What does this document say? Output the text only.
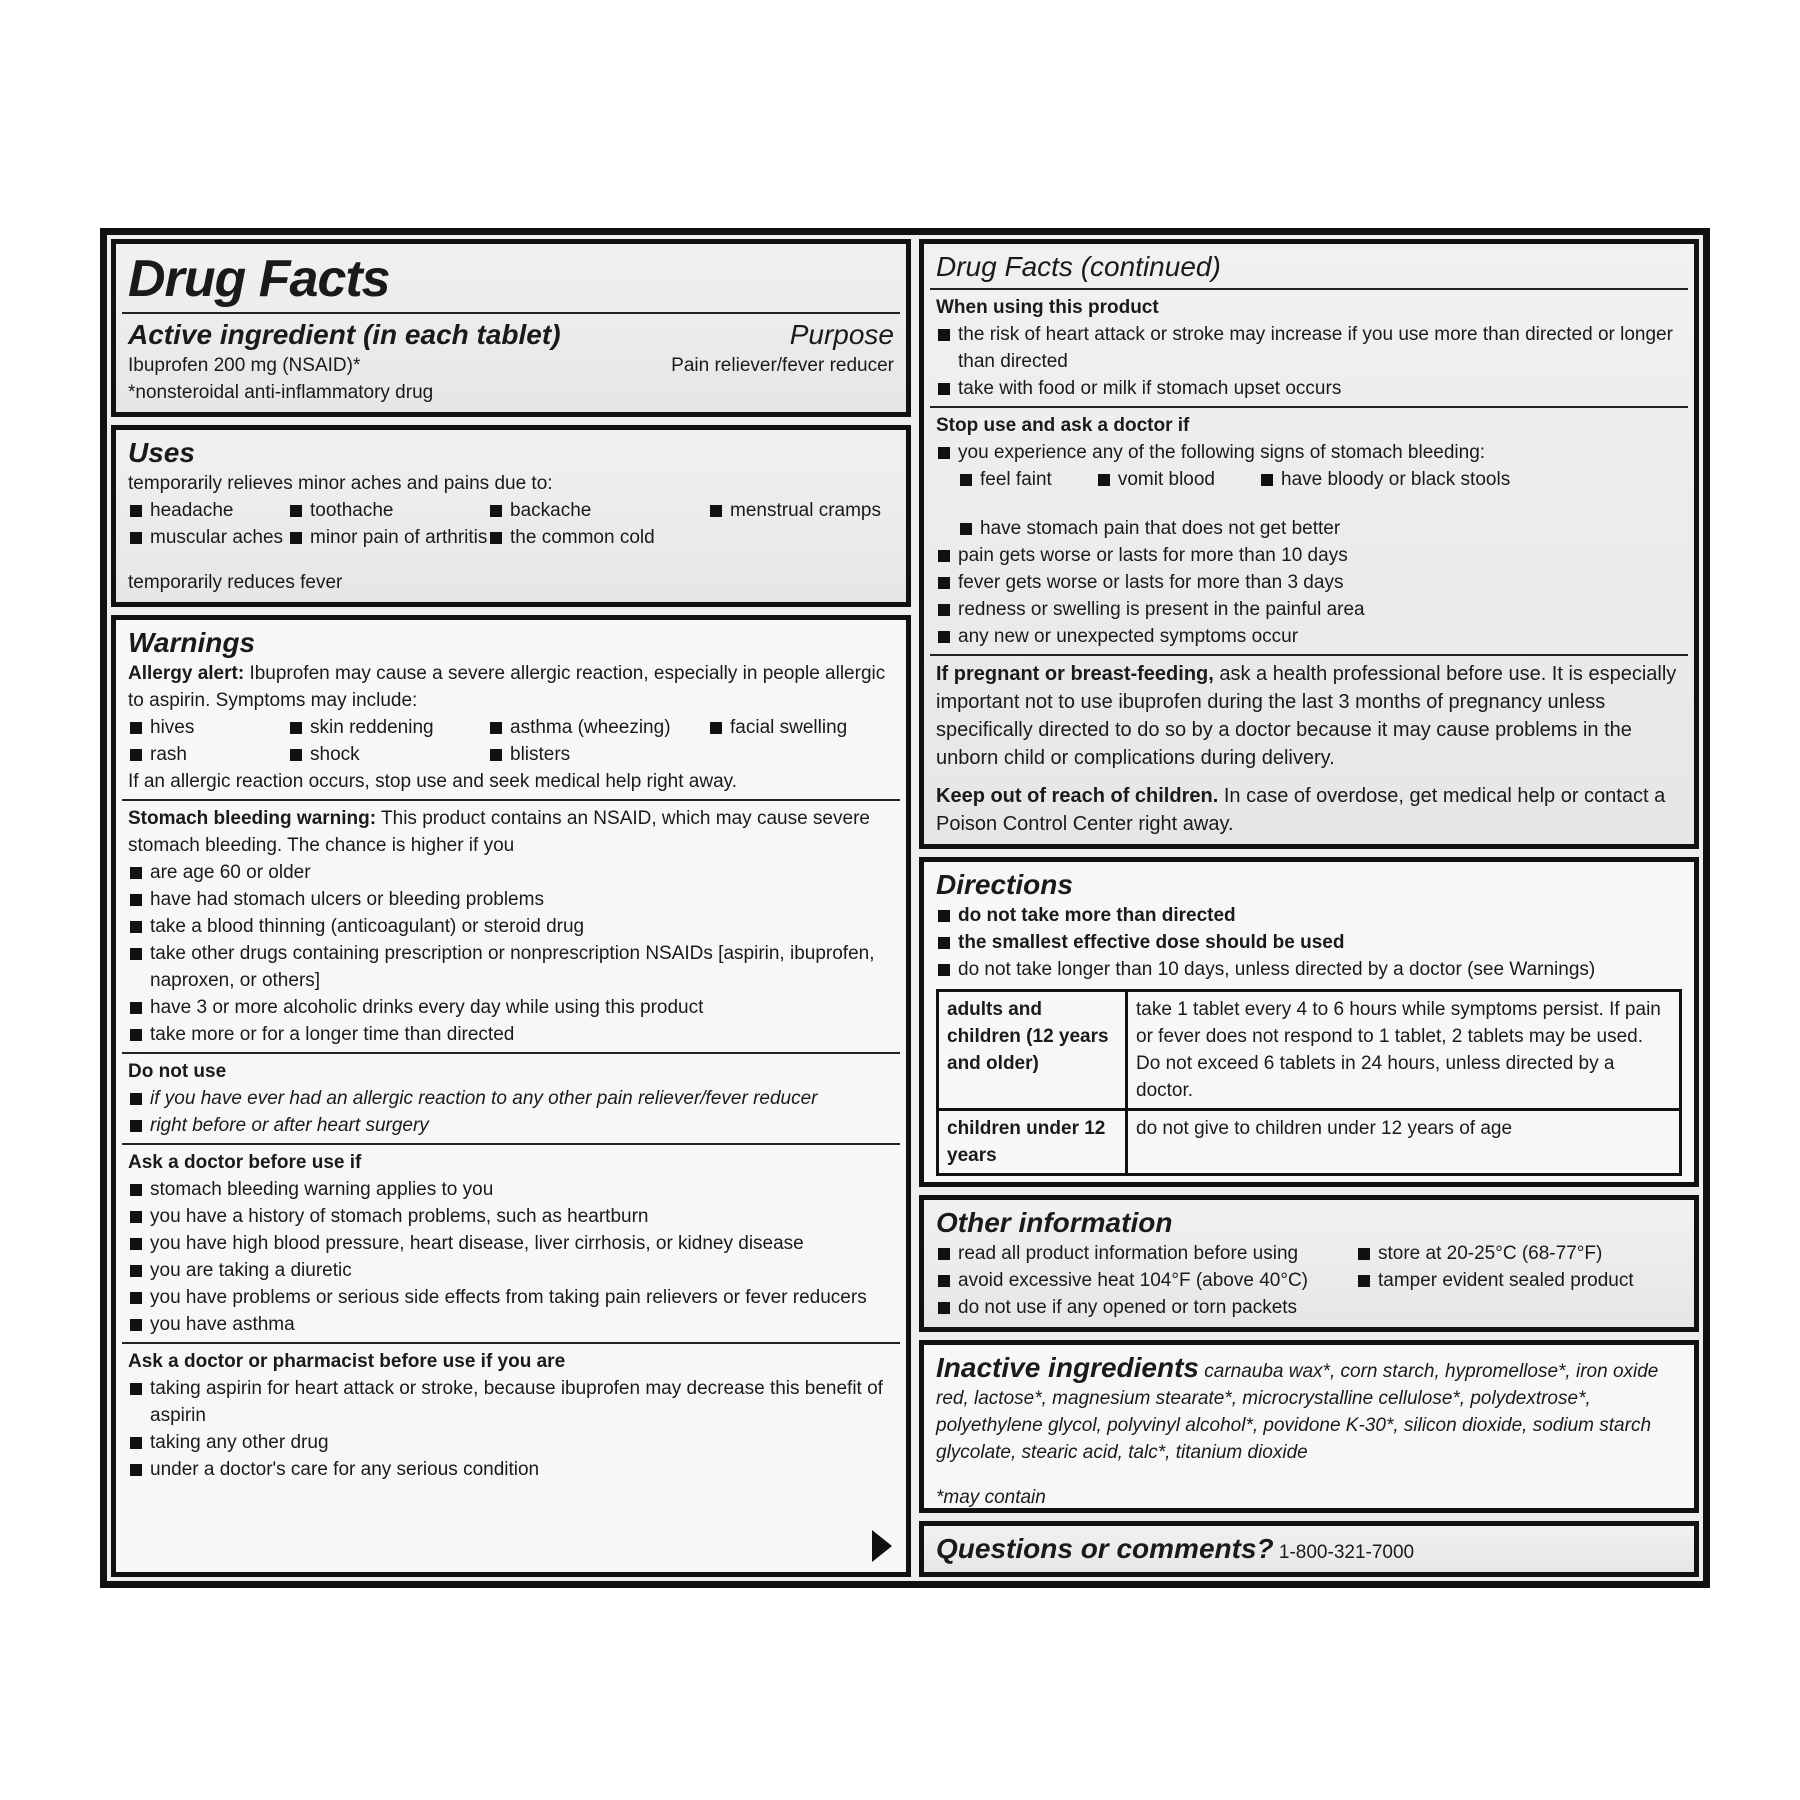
Drug Facts
Active ingredient (in each tablet)	Purpose
Ibuprofen 200 mg (NSAID)*	Pain reliever/fever reducer
*nonsteroidal anti-inflammatory drug
Uses
temporarily relieves minor aches and pains due to:
headache	toothache	backache	menstrual cramps
muscular aches	minor pain of arthritis	the common cold
temporarily reduces fever
Warnings
Allergy alert: Ibuprofen may cause a severe allergic reaction, especially in people allergic to aspirin. Symptoms may include:
hives	skin reddening	asthma (wheezing)	facial swelling
rash	shock	blisters
If an allergic reaction occurs, stop use and seek medical help right away.
Stomach bleeding warning: This product contains an NSAID, which may cause severe stomach bleeding. The chance is higher if you
are age 60 or older
have had stomach ulcers or bleeding problems
take a blood thinning (anticoagulant) or steroid drug
take other drugs containing prescription or nonprescription NSAIDs [aspirin, ibuprofen, naproxen, or others]
have 3 or more alcoholic drinks every day while using this product
take more or for a longer time than directed
Do not use
if you have ever had an allergic reaction to any other pain reliever/fever reducer
right before or after heart surgery
Ask a doctor before use if
stomach bleeding warning applies to you
you have a history of stomach problems, such as heartburn
you have high blood pressure, heart disease, liver cirrhosis, or kidney disease
you are taking a diuretic
you have problems or serious side effects from taking pain relievers or fever reducers
you have asthma
Ask a doctor or pharmacist before use if you are
taking aspirin for heart attack or stroke, because ibuprofen may decrease this benefit of aspirin
taking any other drug
under a doctor's care for any serious condition
Drug Facts (continued)
When using this product
the risk of heart attack or stroke may increase if you use more than directed or longer than directed
take with food or milk if stomach upset occurs
Stop use and ask a doctor if
you experience any of the following signs of stomach bleeding:
feel faint	vomit blood	have bloody or black stools
have stomach pain that does not get better
pain gets worse or lasts for more than 10 days
fever gets worse or lasts for more than 3 days
redness or swelling is present in the painful area
any new or unexpected symptoms occur
If pregnant or breast-feeding, ask a health professional before use. It is especially important not to use ibuprofen during the last 3 months of pregnancy unless specifically directed to do so by a doctor because it may cause problems in the unborn child or complications during delivery.
Keep out of reach of children. In case of overdose, get medical help or contact a Poison Control Center right away.
Directions
do not take more than directed
the smallest effective dose should be used
do not take longer than 10 days, unless directed by a doctor (see Warnings)
adults and children (12 years and older)	take 1 tablet every 4 to 6 hours while symptoms persist. If pain or fever does not respond to 1 tablet, 2 tablets may be used. Do not exceed 6 tablets in 24 hours, unless directed by a doctor.
children under 12 years	do not give to children under 12 years of age
Other information
read all product information before using	store at 20-25°C (68-77°F)
avoid excessive heat 104°F (above 40°C)	tamper evident sealed product
do not use if any opened or torn packets
Inactive ingredients carnauba wax*, corn starch, hypromellose*, iron oxide red, lactose*, magnesium stearate*, microcrystalline cellulose*, polydextrose*, polyethylene glycol, polyvinyl alcohol*, povidone K-30*, silicon dioxide, sodium starch glycolate, stearic acid, talc*, titanium dioxide
*may contain
Questions or comments? 1-800-321-7000
